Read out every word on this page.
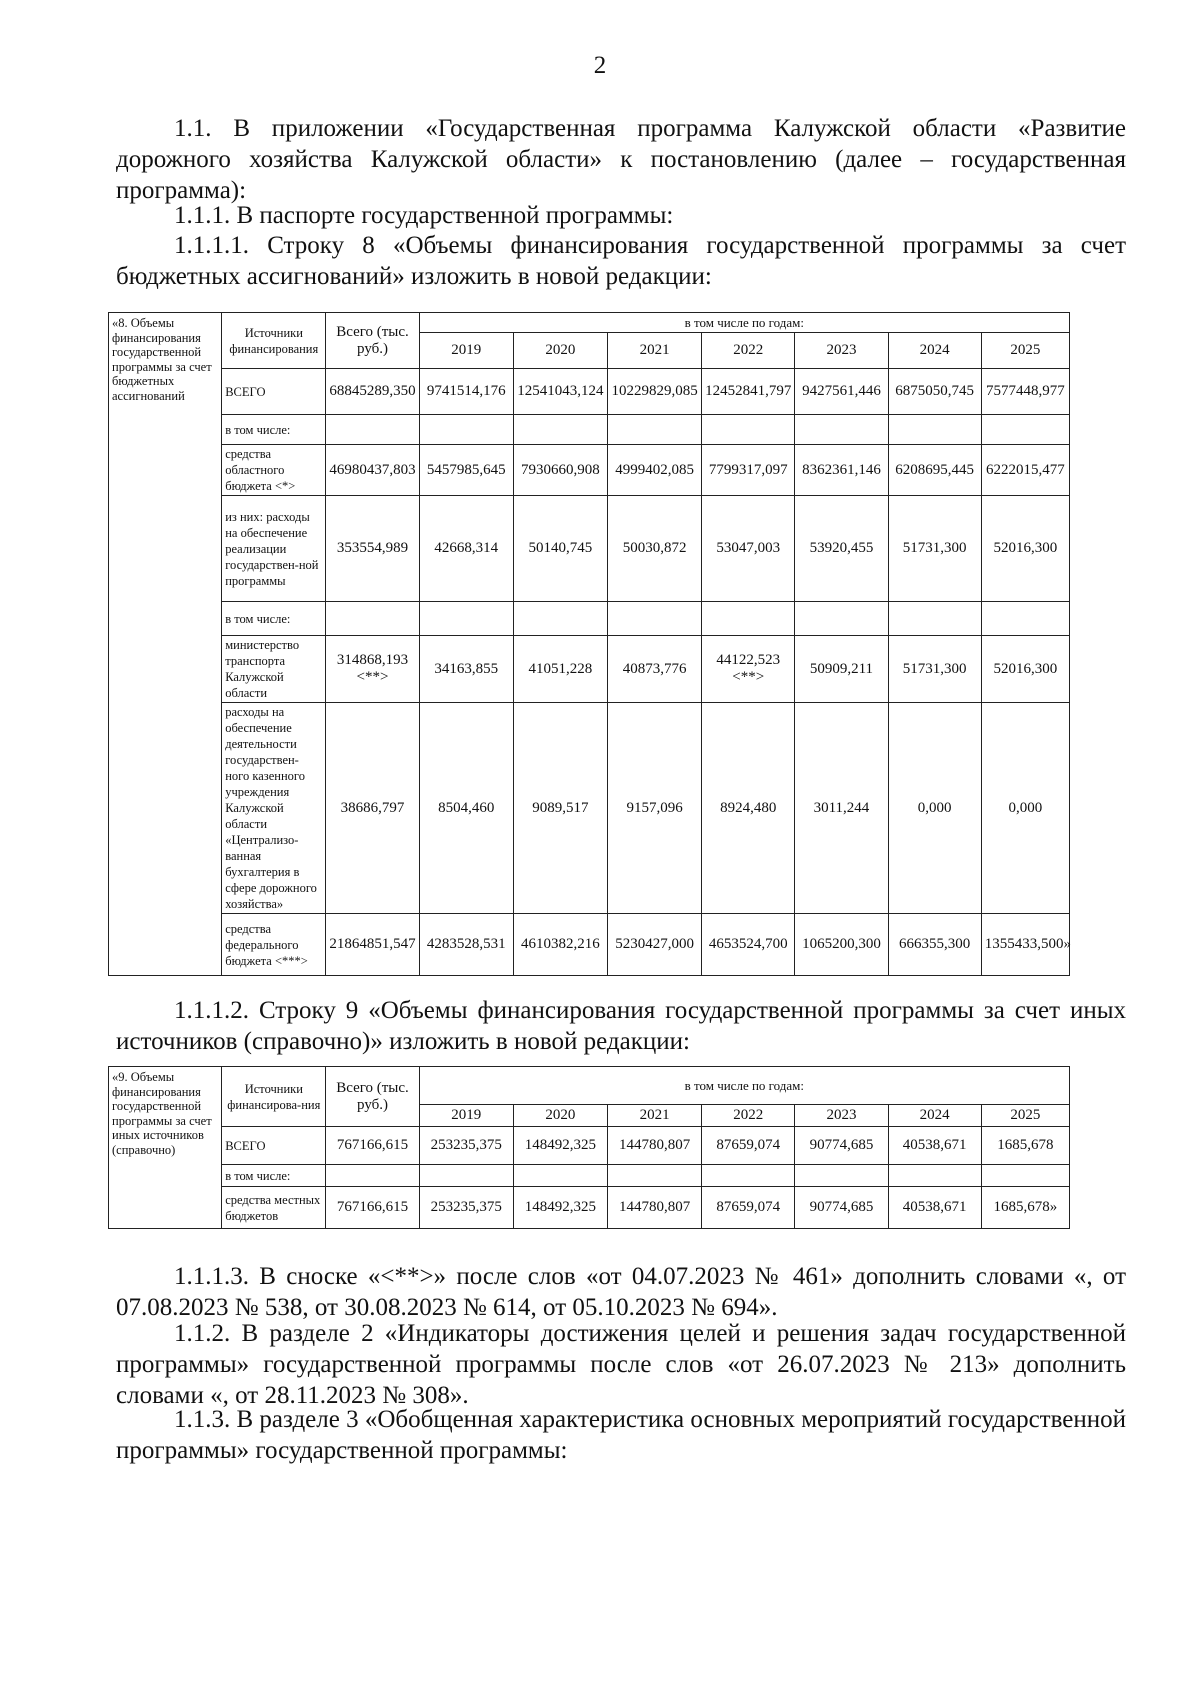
2
1.1. В приложении «Государственная программа Калужской области «Развитие дорожного хозяйства Калужской области» к постановлению (далее – государственная программа):
1.1.1. В паспорте государственной программы:
1.1.1.1. Строку 8 «Объемы финансирования государственной программы за счет бюджетных ассигнований» изложить в новой редакции:
«8. Объемы финансирования государственной программы за счет бюджетных ассигнований	Источники финансирования	Всего (тыс. руб.)	в том числе по годам:						
			2019	2020	2021	2022	2023	2024	2025
	ВСЕГО	68845289,350	9741514,176	12541043,124	10229829,085	12452841,797	9427561,446	6875050,745	7577448,977
	в том числе:								
	средства областного бюджета <*>	46980437,803	5457985,645	7930660,908	4999402,085	7799317,097	8362361,146	6208695,445	6222015,477
	из них: расходы на обеспечение реализации государствен-ной программы	353554,989	42668,314	50140,745	50030,872	53047,003	53920,455	51731,300	52016,300
	в том числе:								
	министерство транспорта Калужской области	314868,193 <**>	34163,855	41051,228	40873,776	44122,523 <**>	50909,211	51731,300	52016,300
	расходы на обеспечение деятельности государствен-ного казенного учреждения Калужской области «Централизо-ванная бухгалтерия в сфере дорожного хозяйства»	38686,797	8504,460	9089,517	9157,096	8924,480	3011,244	0,000	0,000
	средства федерального бюджета <***>	21864851,547	4283528,531	4610382,216	5230427,000	4653524,700	1065200,300	666355,300	1355433,500»
1.1.1.2. Строку 9 «Объемы финансирования государственной программы за счет иных источников (справочно)» изложить в новой редакции:
«9. Объемы финансирования государственной программы за счет иных источников (справочно)	Источники финансирова-ния	Всего (тыс. руб.)	в том числе по годам:						
			2019	2020	2021	2022	2023	2024	2025
	ВСЕГО	767166,615	253235,375	148492,325	144780,807	87659,074	90774,685	40538,671	1685,678
	в том числе:								
	средства местных бюджетов	767166,615	253235,375	148492,325	144780,807	87659,074	90774,685	40538,671	1685,678»
1.1.1.3. В сноске «<**>» после слов «от 04.07.2023 № 461» дополнить словами «, от 07.08.2023 № 538, от 30.08.2023 № 614, от 05.10.2023 № 694».
1.1.2. В разделе 2 «Индикаторы достижения целей и решения задач государственной программы» государственной программы после слов «от 26.07.2023 № 213» дополнить словами «, от 28.11.2023 № 308».
1.1.3. В разделе 3 «Обобщенная характеристика основных мероприятий государственной программы» государственной программы:
